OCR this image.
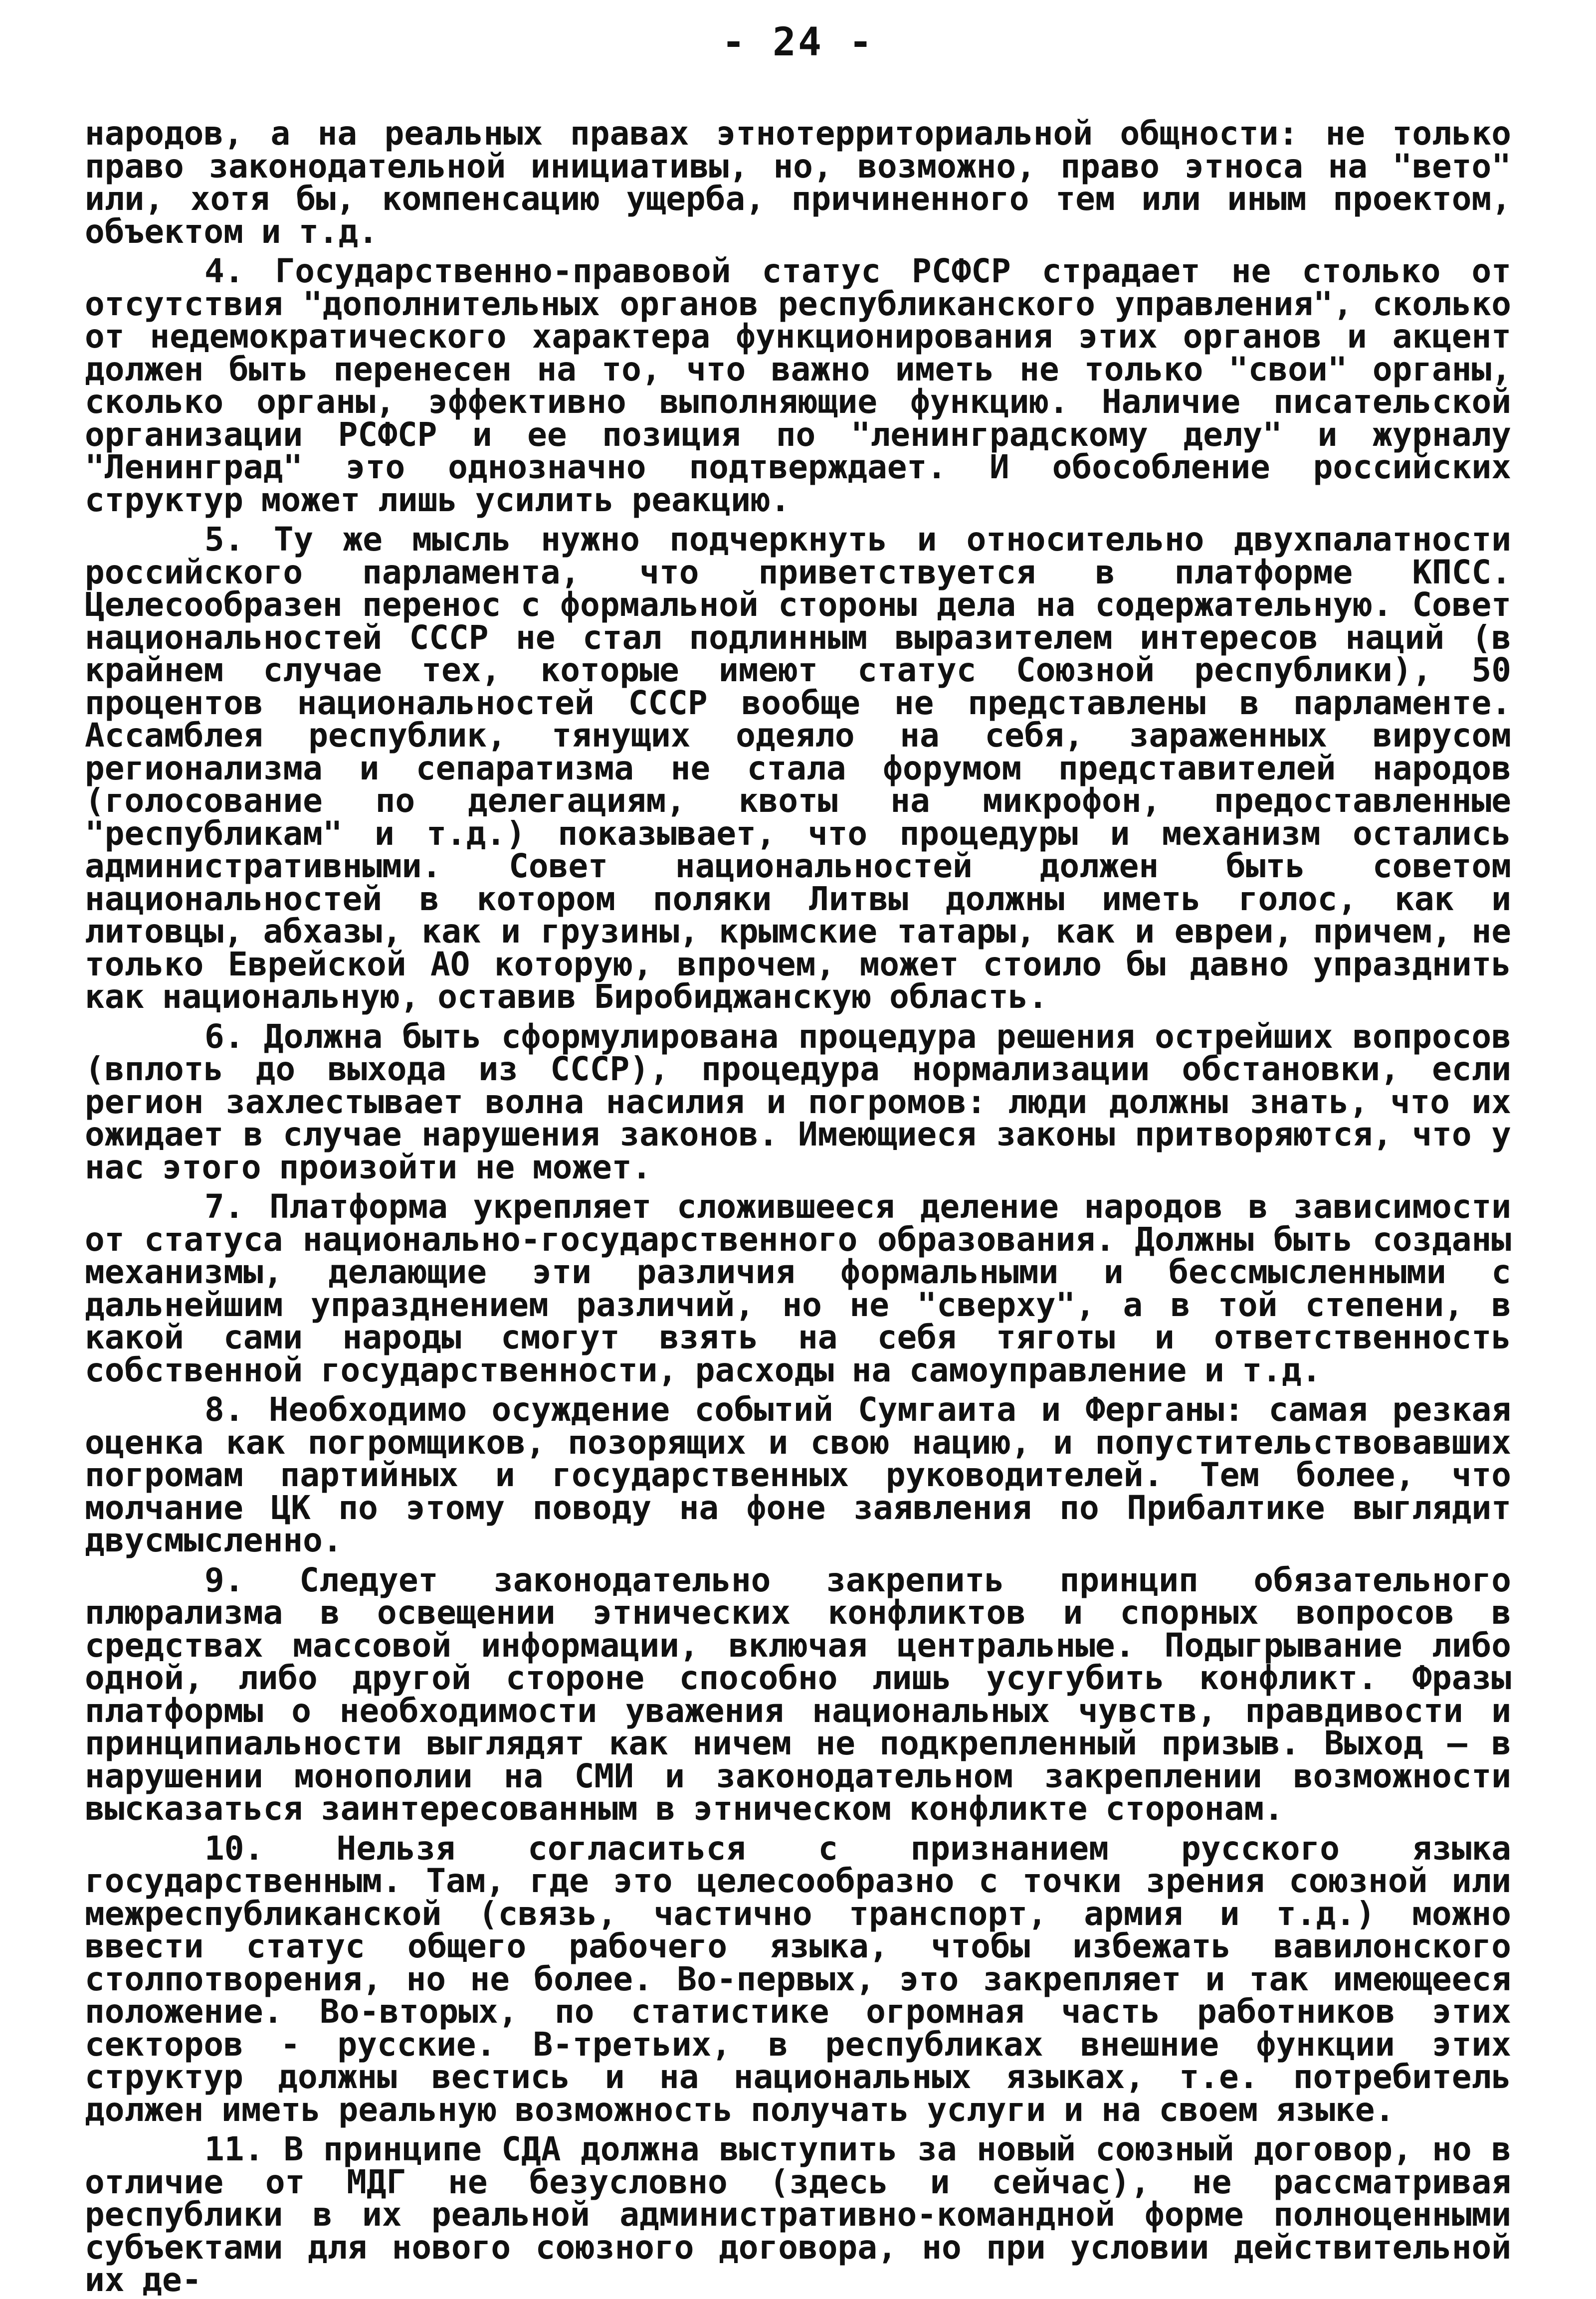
- 24 -

народов, а на реальных правах этнотерриториальной общности: не только право законодательной инициативы, но, возможно, право этноса на "вето" или, хотя бы, компенсацию ущерба, причиненного тем или иным проектом, объектом и т.д.

4. Государственно-правовой статус РСФСР страдает не столько от отсутствия "дополнительных органов республиканского управления", сколько от недемократического характера функционирования этих органов и акцент должен быть перенесен на то, что важно иметь не только "свои" органы, сколько органы, эффективно выполняющие функцию. Наличие писательской организации РСФСР и ее позиция по "ленинградскому делу" и журналу "Ленинград" это однозначно подтверждает. И обособление российских структур может лишь усилить реакцию.

5. Ту же мысль нужно подчеркнуть и относительно двухпалатности российского парламента, что приветствуется в платформе КПСС. Целесообразен перенос с формальной стороны дела на содержательную. Совет национальностей СССР не стал подлинным выразителем интересов наций (в крайнем случае тех, которые имеют статус Союзной республики), 50 процентов национальностей СССР вообще не представлены в парламенте. Ассамблея республик, тянущих одеяло на себя, зараженных вирусом регионализма и сепаратизма не стала форумом представителей народов (голосование по делегациям, квоты на микрофон, предоставленные "республикам" и т.д.) показывает, что процедуры и механизм остались административными. Совет национальностей должен быть советом национальностей в котором поляки Литвы должны иметь голос, как и литовцы, абхазы, как и грузины, крымские татары, как и евреи, причем, не только Еврейской АО которую, впрочем, может стоило бы давно упразднить как национальную, оставив Биробиджанскую область.

6. Должна быть сформулирована процедура решения острейших вопросов (вплоть до выхода из СССР), процедура нормализации обстановки, если регион захлестывает волна насилия и погромов: люди должны знать, что их ожидает в случае нарушения законов. Имеющиеся законы притворяются, что у нас этого произойти не может.

7. Платформа укрепляет сложившееся деление народов в зависимости от статуса национально-государственного образования. Должны быть созданы механизмы, делающие эти различия формальными и бессмысленными с дальнейшим упразднением различий, но не "сверху", а в той степени, в какой сами народы смогут взять на себя тяготы и ответственность собственной государственности, расходы на самоуправление и т.д.

8. Необходимо осуждение событий Сумгаита и Ферганы: самая резкая оценка как погромщиков, позорящих и свою нацию, и попустительствовавших погромам партийных и государственных руководителей. Тем более, что молчание ЦК по этому поводу на фоне заявления по Прибалтике выглядит двусмысленно.

9. Следует законодательно закрепить принцип обязательного плюрализма в освещении этнических конфликтов и спорных вопросов в средствах массовой информации, включая центральные. Подыгрывание либо одной, либо другой стороне способно лишь усугубить конфликт. Фразы платформы о необходимости уважения национальных чувств, правдивости и принципиальности выглядят как ничем не подкрепленный призыв. Выход – в нарушении монополии на СМИ и законодательном закреплении возможности высказаться заинтересованным в этническом конфликте сторонам.

10. Нельзя согласиться с признанием русского языка государственным. Там, где это целесообразно с точки зрения союзной или межреспубликанской (связь, частично транспорт, армия и т.д.) можно ввести статус общего рабочего языка, чтобы избежать вавилонского столпотворения, но не более. Во-первых, это закрепляет и так имеющееся положение. Во-вторых, по статистике огромная часть работников этих секторов - русские. В-третьих, в республиках внешние функции этих структур должны вестись и на национальных языках, т.е. потребитель должен иметь реальную возможность получать услуги и на своем языке.

11. В принципе СДА должна выступить за новый союзный договор, но в отличие от МДГ не безусловно (здесь и сейчас), не рассматривая республики в их реальной административно-командной форме полноценными субъектами для нового союзного договора, но при условии действительной их де-
